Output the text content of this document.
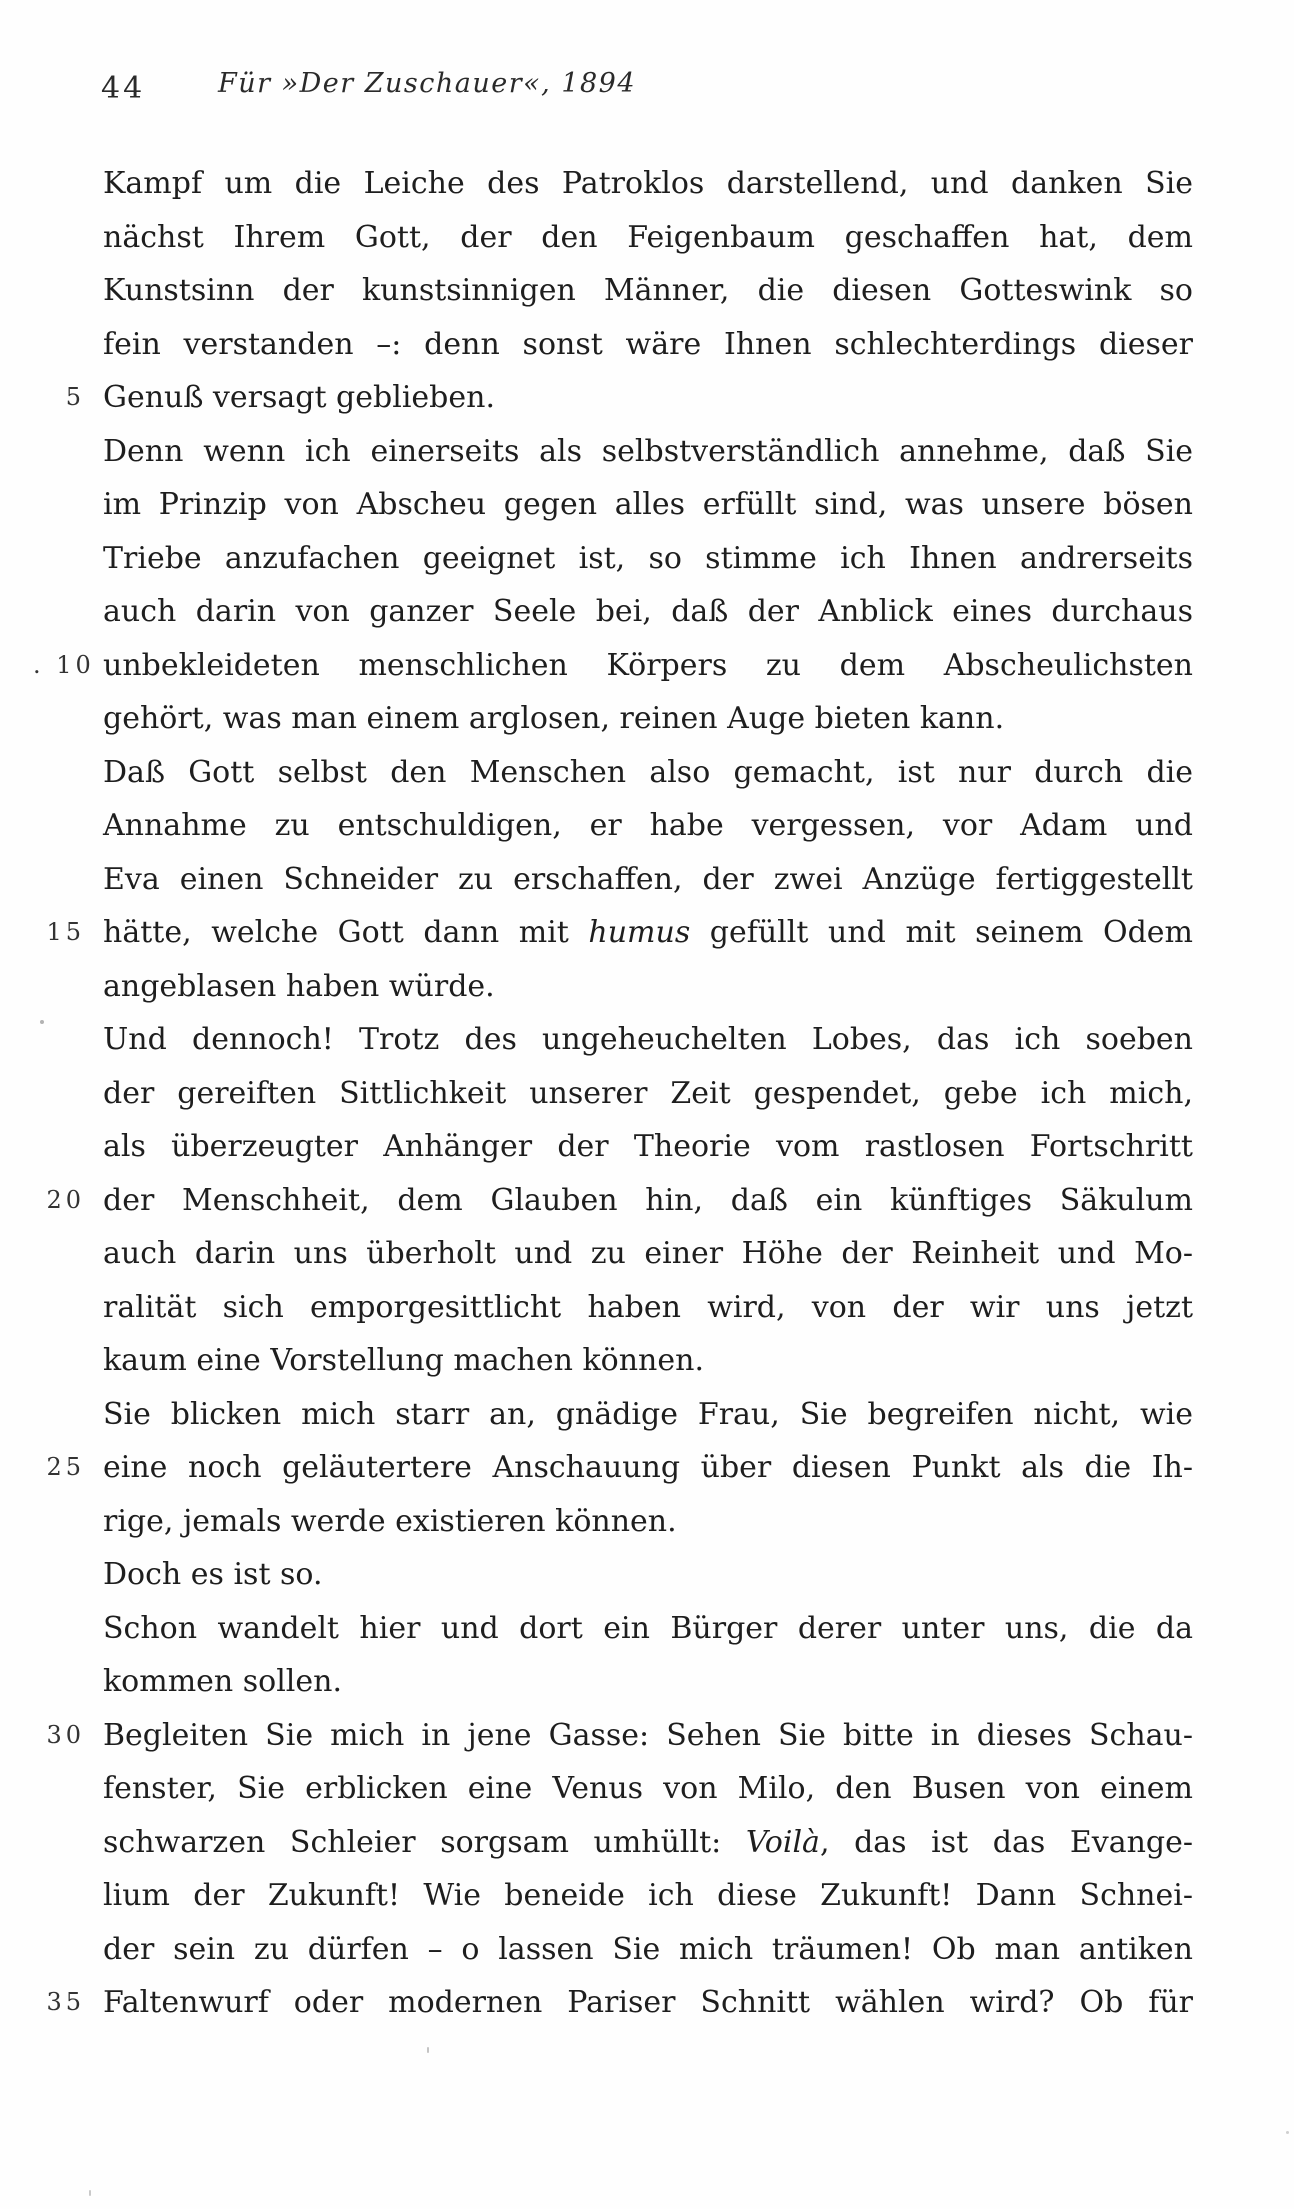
44	Für »Der Zuschauer«, 1894
Kampf um die Leiche des Patroklos darstellend, und danken Sie
nächst Ihrem Gott, der den Feigenbaum geschaffen hat, dem
Kunstsinn der kunstsinnigen Männer, die diesen Gotteswink so
fein verstanden –: denn sonst wäre Ihnen schlechterdings dieser
5 Genuß versagt geblieben.
Denn wenn ich einerseits als selbstverständlich annehme, daß Sie
im Prinzip von Abscheu gegen alles erfüllt sind, was unsere bösen
Triebe anzufachen geeignet ist, so stimme ich Ihnen andrerseits
auch darin von ganzer Seele bei, daß der Anblick eines durchaus
. 10 unbekleideten menschlichen Körpers zu dem Abscheulichsten
gehört, was man einem arglosen, reinen Auge bieten kann.
Daß Gott selbst den Menschen also gemacht, ist nur durch die
Annahme zu entschuldigen, er habe vergessen, vor Adam und
Eva einen Schneider zu erschaffen, der zwei Anzüge fertiggestellt
15 hätte, welche Gott dann mit humus gefüllt und mit seinem Odem
angeblasen haben würde.
Und dennoch! Trotz des ungeheuchelten Lobes, das ich soeben
der gereiften Sittlichkeit unserer Zeit gespendet, gebe ich mich,
als überzeugter Anhänger der Theorie vom rastlosen Fortschritt
20 der Menschheit, dem Glauben hin, daß ein künftiges Säkulum
auch darin uns überholt und zu einer Höhe der Reinheit und Mo-
ralität sich emporgesittlicht haben wird, von der wir uns jetzt
kaum eine Vorstellung machen können.
Sie blicken mich starr an, gnädige Frau, Sie begreifen nicht, wie
25 eine noch geläutertere Anschauung über diesen Punkt als die Ih-
rige, jemals werde existieren können.
Doch es ist so.
Schon wandelt hier und dort ein Bürger derer unter uns, die da
kommen sollen.
30 Begleiten Sie mich in jene Gasse: Sehen Sie bitte in dieses Schau-
fenster, Sie erblicken eine Venus von Milo, den Busen von einem
schwarzen Schleier sorgsam umhüllt: Voilà, das ist das Evange-
lium der Zukunft! Wie beneide ich diese Zukunft! Dann Schnei-
der sein zu dürfen – o lassen Sie mich träumen! Ob man antiken
35 Faltenwurf oder modernen Pariser Schnitt wählen wird? Ob für
